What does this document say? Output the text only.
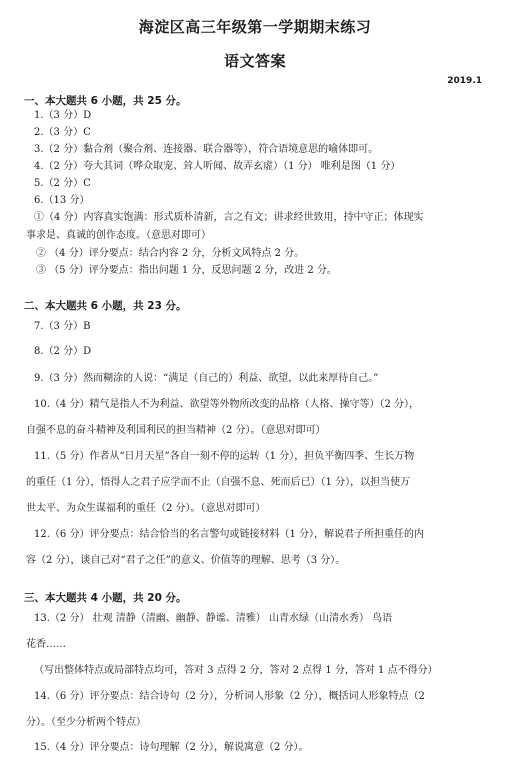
海淀区高三年级第一学期期末练习
语文答案
2019.1
一、本大题共 6 小题，共 25 分。
1.（3 分）D
2.（3 分）C
3.（2 分）黏合剂（聚合剂、连接器、联合器等），符合语境意思的喻体即可。
4.（2 分）夸大其词（哗众取宠、耸人听闻、故弄玄虚）（1 分） 唯利是图（1 分）
5.（2 分）C
6.（13 分）
①（4 分）内容真实饱满：形式质朴清新，言之有文；讲求经世致用，持中守正；体现实
事求是、真诚的创作态度。（意思对即可）
② （4 分）评分要点：结合内容 2 分，分析文风特点 2 分。
③ （5 分）评分要点：指出问题 1 分，反思问题 2 分，改进 2 分。
二、本大题共 6 小题，共 23 分。
7.（3 分）B
8.（2 分）D
9.（3 分）然而糊涂的人说：“满足（自己的）利益、欲望，以此来厚待自己。”
10.（4 分）精气是指人不为利益、欲望等外物所改变的品格（人格、操守等）（2 分），
自强不息的奋斗精神及利国利民的担当精神（2 分）。（意思对即可）
11.（5 分）作者从“日月天星”各自一刻不停的运转（1 分），担负平衡四季、生长万物
的重任（1 分），悟得人之君子应学而不止（自强不息、死而后已）（1 分），以担当使万
世太平、为众生谋福利的重任（2 分）。（意思对即可）
12.（6 分）评分要点：结合恰当的名言警句或链接材料（1 分），解说君子所担重任的内
容（2 分），谈自己对“君子之任”的意义、价值等的理解、思考（3 分）。
三、本大题共 4 小题，共 20 分。
13.（2 分） 壮观 清静（清幽、幽静、静谧、清雅） 山青水绿（山清水秀） 鸟语
花香……
（写出整体特点或局部特点均可，答对 3 点得 2 分，答对 2 点得 1 分，答对 1 点不得分）
14.（6 分）评分要点：结合诗句（2 分），分析词人形象（2 分），概括词人形象特点（2
分）。（至少分析两个特点）
15.（4 分）评分要点：诗句理解（2 分），解说寓意（2 分）。
